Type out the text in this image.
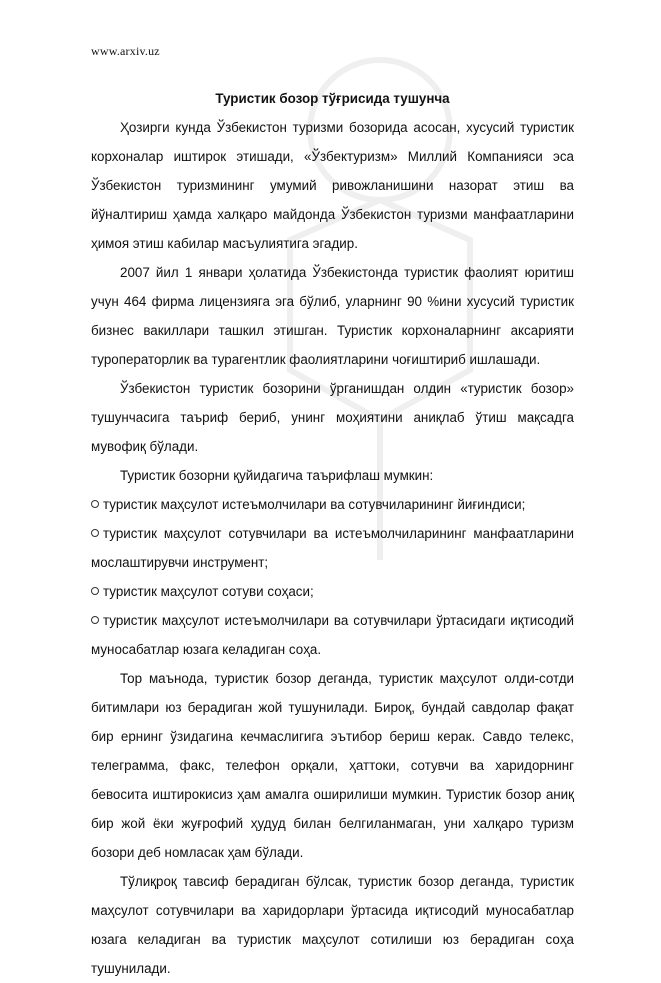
www.arxiv.uz

Туристик бозор тўғрисида тушунча

Ҳозирги кунда Ўзбекистон туризми бозорида асосан, хусусий туристик корхоналар иштирок этишади, «Ўзбектуризм» Миллий Компанияси эса Ўзбекистон туризмининг умумий ривожланишини назорат этиш ва йўналтириш ҳамда халқаро майдонда Ўзбекистон туризми манфаатларини ҳимоя этиш кабилар масъулиятига эгадир.

2007 йил 1 январи ҳолатида Ўзбекистонда туристик фаолият юритиш учун 464 фирма лицензияга эга бўлиб, уларнинг 90 %ини хусусий туристик бизнес вакиллари ташкил этишган. Туристик корхоналарнинг аксарияти туроператорлик ва турагентлик фаолиятларини чоғиштириб ишлашади.

Ўзбекистон туристик бозорини ўрганишдан олдин «туристик бозор» тушунчасига таъриф бериб, унинг моҳиятини аниқлаб ўтиш мақсадга мувофиқ бўлади.

Туристик бозорни қуйидагича таърифлаш мумкин:

туристик маҳсулот истеъмолчилари ва сотувчиларининг йиғиндиси;

туристик маҳсулот сотувчилари ва истеъмолчиларининг манфаатларини мослаштирувчи инструмент;

туристик маҳсулот сотуви соҳаси;

туристик маҳсулот истеъмолчилари ва сотувчилари ўртасидаги иқтисодий муносабатлар юзага келадиган соҳа.

Тор маънода, туристик бозор деганда, туристик маҳсулот олди-сотди битимлари юз берадиган жой тушунилади. Бироқ, бундай савдолар фақат бир ернинг ўзидагина кечмаслигига эътибор бериш керак. Савдо телекс, телеграмма, факс, телефон орқали, ҳаттоки, сотувчи ва харидорнинг бевосита иштирокисиз ҳам амалга оширилиши мумкин. Туристик бозор аниқ бир жой ёки жуғрофий ҳудуд билан белгиланмаган, уни халқаро туризм бозори деб номласак ҳам бўлади.

Тўлиқроқ тавсиф берадиган бўлсак, туристик бозор деганда, туристик маҳсулот сотувчилари ва харидорлари ўртасида иқтисодий муносабатлар юзага келадиган ва туристик маҳсулот сотилиши юз берадиган соҳа тушунилади.
